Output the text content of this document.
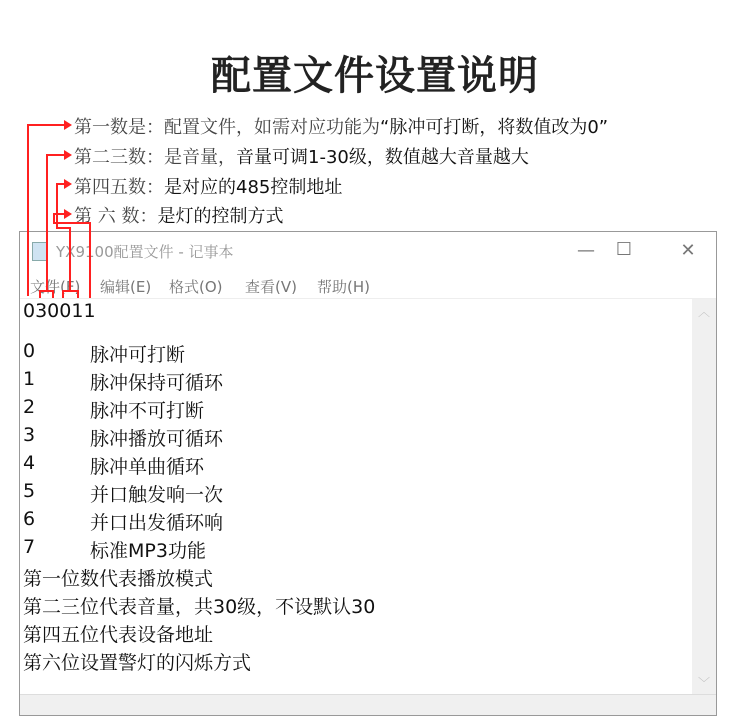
配置文件设置说明
第一数是：配置文件，如需对应功能为“脉冲可打断，将数值改为0”
第二三数：是音量，音量可调1-30级，数值越大音量越大
第四五数：是对应的485控制地址
第 六 数：是灯的控制方式
YX9100配置文件 - 记事本	—	☐	✕
文件(F) 编辑(E) 格式(O) 查看(V) 帮助(H)
030011
0	脉冲可打断
1	脉冲保持可循环
2	脉冲不可打断
3	脉冲播放可循环
4	脉冲单曲循环
5	并口触发响一次
6	并口出发循环响
7	标准MP3功能
第一位数代表播放模式
第二三位代表音量，共30级，不设默认30
第四五位代表设备地址
第六位设置警灯的闪烁方式
︿
﹀
